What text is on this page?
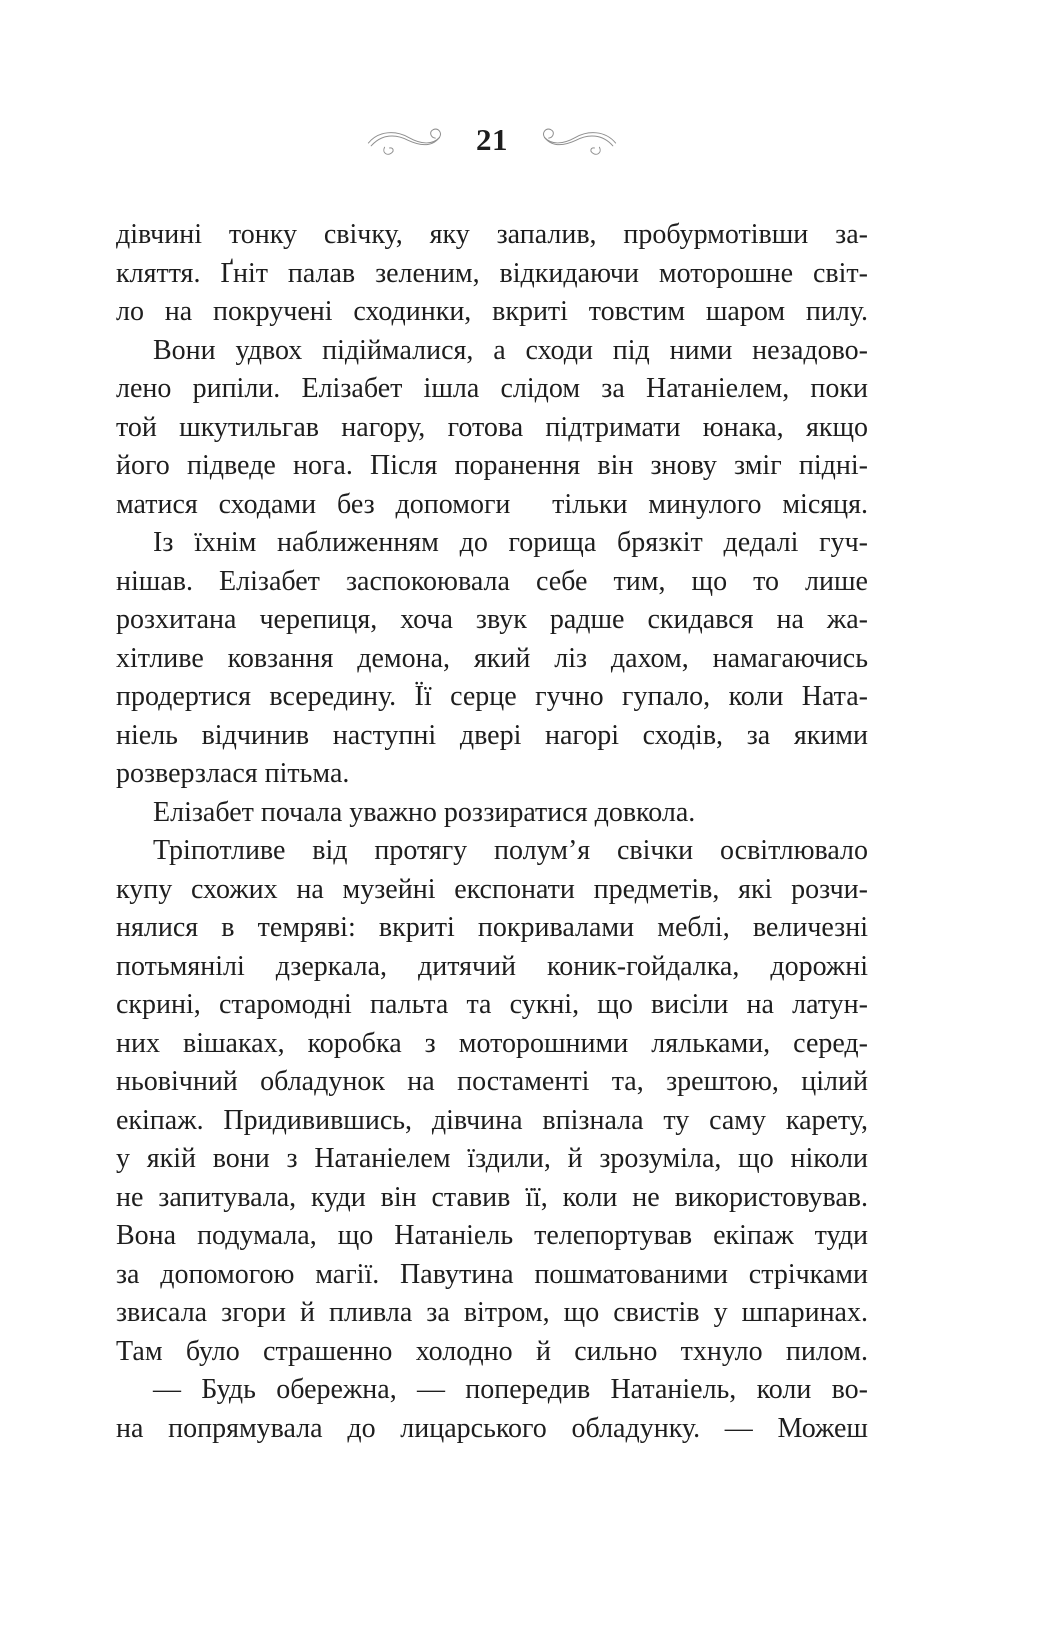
21
дівчині тонку свічку, яку запалив, пробурмотівши за-
кляття. Ґніт палав зеленим, відкидаючи моторошне світ-
ло на покручені сходинки, вкриті товстим шаром пилу.
Вони удвох підіймалися, а сходи під ними незадово-
лено рипіли. Елізабет ішла слідом за Натаніелем, поки
той шкутильгав нагору, готова підтримати юнака, якщо
його підведе нога. Після поранення він знову зміг підні-
матися сходами без допомоги  тільки минулого місяця.
Із їхнім наближенням до горища брязкіт дедалі гуч-
нішав. Елізабет заспокоювала себе тим, що то лише
розхитана черепиця, хоча звук радше скидався на жа-
хітливе ковзання демона, який ліз дахом, намагаючись
продертися всередину. Її серце гучно гупало, коли Ната-
ніель відчинив наступні двері нагорі сходів, за якими
розверзлася пітьма.
Елізабет почала уважно роззиратися довкола.
Тріпотливе від протягу полум’я свічки освітлювало
купу схожих на музейні експонати предметів, які розчи-
нялися в темряві: вкриті покривалами меблі, величезні
потьмянілі дзеркала, дитячий коник-гойдалка, дорожні
скрині, старомодні пальта та сукні, що висіли на латун-
них вішаках, коробка з моторошними ляльками, серед-
ньовічний обладунок на постаменті та, зрештою, цілий
екіпаж. Придивившись, дівчина впізнала ту саму карету,
у якій вони з Натаніелем їздили, й зрозуміла, що ніколи
не запитувала, куди він ставив її, коли не використовував.
Вона подумала, що Натаніель телепортував екіпаж туди
за допомогою магії. Павутина пошматованими стрічками
звисала згори й пливла за вітром, що свистів у шпаринах.
Там було страшенно холодно й сильно тхнуло пилом.
— Будь обережна, — попередив Натаніель, коли во-
на попрямувала до лицарського обладунку. — Можеш
